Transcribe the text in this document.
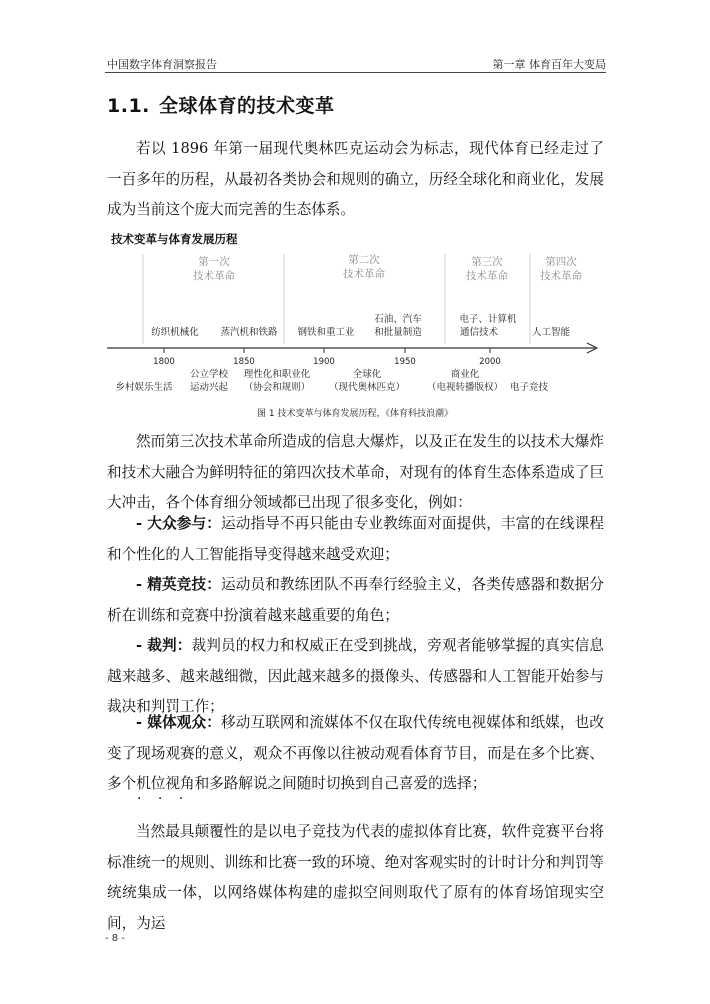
中国数字体育洞察报告	第一章 体育百年大变局
1.1. 全球体育的技术变革

若以 1896 年第一届现代奥林匹克运动会为标志，现代体育已经走过了一百多年的历程，从最初各类协会和规则的确立，历经全球化和商业化，发展成为当前这个庞大而完善的生态体系。

技术变革与体育发展历程
第一次
技术革命
第二次
技术革命
第三次
技术革命
第四次
技术革命
纺织机械化 蒸汽机和铁路 钢铁和重工业
石油、汽车
和批量制造
电子、计算机
通信技术	人工智能
1800	1850	1900	1950	2000
乡村娱乐生活
公立学校
运动兴起
理性化和职业化
（协会和规则）
全球化
（现代奥林匹克）
商业化
（电视转播版权） 电子竞技
图 1 技术变革与体育发展历程，《体育科技浪潮》

然而第三次技术革命所造成的信息大爆炸，以及正在发生的以技术大爆炸和技术大融合为鲜明特征的第四次技术革命，对现有的体育生态体系造成了巨大冲击，各个体育细分领域都已出现了很多变化，例如：

- 大众参与：运动指导不再只能由专业教练面对面提供，丰富的在线课程和个性化的人工智能指导变得越来越受欢迎；

- 精英竞技：运动员和教练团队不再奉行经验主义，各类传感器和数据分析在训练和竞赛中扮演着越来越重要的角色；

- 裁判：裁判员的权力和权威正在受到挑战，旁观者能够掌握的真实信息越来越多、越来越细微，因此越来越多的摄像头、传感器和人工智能开始参与裁决和判罚工作；

- 媒体观众：移动互联网和流媒体不仅在取代传统电视媒体和纸媒，也改变了现场观赛的意义，观众不再像以往被动观看体育节目，而是在多个比赛、多个机位视角和多路解说之间随时切换到自己喜爱的选择；

· · ·

当然最具颠覆性的是以电子竞技为代表的虚拟体育比赛，软件竞赛平台将标准统一的规则、训练和比赛一致的环境、绝对客观实时的计时计分和判罚等统统集成一体，以网络媒体构建的虚拟空间则取代了原有的体育场馆现实空间，为运

- 8 -
